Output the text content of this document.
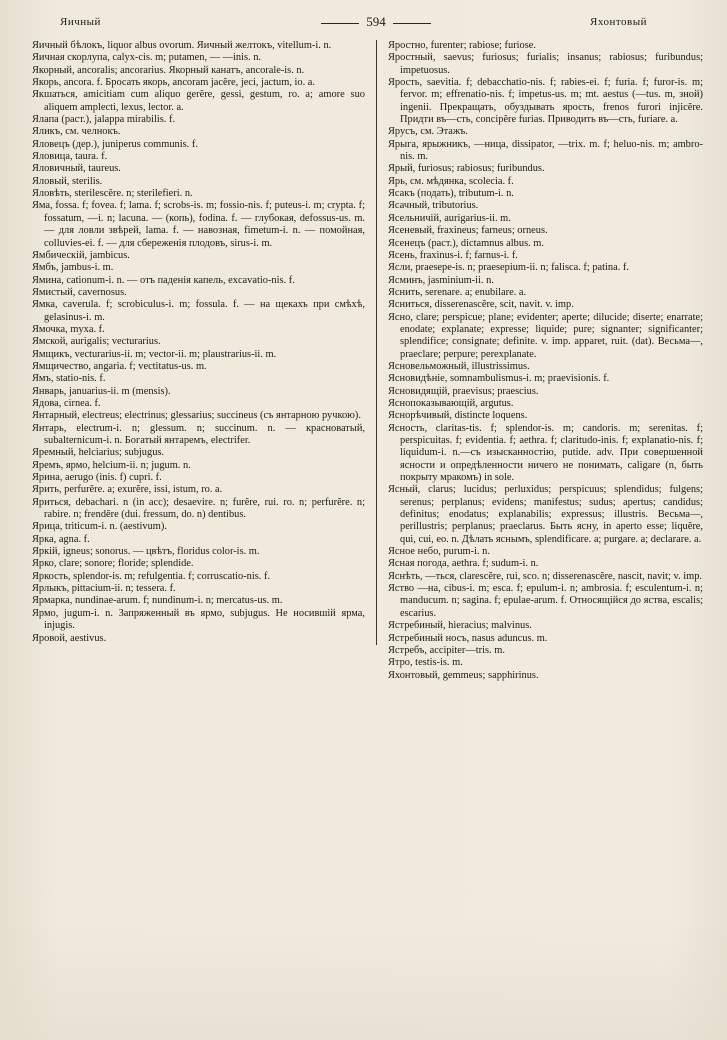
Яичный	594	Яхонтовый

Яичный бѣлокъ, liquor albus ovorum. Яичный желтокъ, vitellum-i. n.

Яичная скорлупа, calyx-cis. m; putamen, — —inis. n.

Якорный, ancoralis; ancorarius. Якорный канатъ, ancorale-is. n.

Якорь, ancora. f. Бросать якорь, ancoram jacĕre, jeci, jactum, io. a.

Якшаться, amicitiam cum aliquo gerĕre, gessi, gestum, ro. a; amore suo aliquem amplecti, lexus, lector. a.

Ялапа (раст.), jalappa mirabilis. f.

Яликъ, см. челнокъ.

Яловецъ (дер.), juniperus communis. f.

Яловица, taura. f.

Яловичный, taureus.

Яловый, sterilis.

Яловѣть, sterilescĕre. n; sterilefieri. n.

Яма, fossa. f; fovea. f; lama. f; scrobs-is. m; fossio-nis. f; puteus-i. m; crypta. f; fossatum, —i. n; lacuna. — (копь), fodina. f. — глубокая, defossus-us. m. — для ловли звѣрей, lama. f. — навозная, fimetum-i. n. — помойная, colluvies-ei. f. — для сбереженія плодовъ, sirus-i. m.

Ямбическій, jambicus.

Ямбъ, jambus-i. m.

Ямина, cationum-i. n. — отъ паденія капель, excavatio-nis. f.

Ямистый, cavernosus.

Ямка, caverula. f; scrobiculus-i. m; fossula. f. — на щекахъ при смѣхѣ, gelasinus-i. m.

Ямочка, myxa. f.

Ямской, aurigalis; vecturarius.

Ямщикъ, vecturarius-ii. m; vector-ii. m; plaustrarius-ii. m.

Ямщичество, angaria. f; vectitatus-us. m.

Ямъ, statio-nis. f.

Январь, januarius-ii. m (mensis).

Ядова, cirnea. f.

Янтарный, electreus; electrinus; glessarius; succineus (съ янтарною ручкою).

Янтарь, electrum-i. n; glessum. n; succinum. n. — красноватый, subalternicum-i. n. Богатый янтаремъ, electrifer.

Яремный, helciarius; subjugus.

Яремъ, ярмо, helcium-ii. n; jugum. n.

Ярина, aerugo (inis. f) cupri. f.

Ярить, perfurĕre. a; exurĕre, issi, istum, ro. a.

Яриться, debachari. n (in acc); desaevire. n; furĕre, rui. ro. n; perfurĕre. n; rabire. n; frendĕre (dui. fressum, do. n) dentibus.

Ярица, triticum-i. n. (aestivum).

Ярка, agna. f.

Яркій, igneus; sonorus. — цвѣтъ, floridus color-is. m.

Ярко, clare; sonore; floride; splendide.

Яркость, splendor-is. m; refulgentia. f; corruscatio-nis. f.

Ярлыкъ, pittacium-ii. n; tessera. f.

Ярмарка, nundinae-arum. f; nundinum-i. n; mercatus-us. m.

Ярмо, jugum-i. n. Запряженный въ ярмо, subjugus. Не носившій ярма, injugis.

Яровой, aestivus.

Яростно, furenter; rabiose; furiose.

Яростный, saevus; furiosus; furialis; insanus; rabiosus; furibundus; impetuosus.

Ярость, saevitia. f; debacchatio-nis. f; rabies-ei. f; furia. f; furor-is. m; fervor. m; effrenatio-nis. f; impetus-us. m; mt. aestus (—tus. m, зной) ingenii. Прекращать, обуздывать ярость, frenos furori injicĕre. Придти въ—сть, concipĕre furias. Приводить въ—сть, furiare. a.

Ярусъ, см. Этажъ.

Ярыга, ярыжникъ, —ница, dissipator, —trix. m. f; heluo-nis. m; ambro-nis. m.

Ярый, furiosus; rabiosus; furibundus.

Ярь, см. мѣдянка, scolecia. f.

Ясакъ (подать), tributum-i. n.

Ясачный, tributorius.

Ясельничій, aurigarius-ii. m.

Ясеневый, fraxineus; farneus; orneus.

Ясенецъ (раст.), dictamnus albus. m.

Ясень, fraxinus-i. f; farnus-i. f.

Ясли, praesepe-is. n; praesepium-ii. n; falisca. f; patina. f.

Ясминъ, jasminium-ii. n.

Яснить, serenare. a; enubilare. a.

Ясниться, disserenascĕre, scit, navit. v. imp.

Ясно, clare; perspicue; plane; evidenter; aperte; dilucide; diserte; enarrate; enodate; explanate; expresse; liquide; pure; signanter; significanter; splendifice; consignate; definite. v. imp. apparet, ruit. (dat). Весьма—, praeclare; perpure; perexplanate.

Ясновельможный, illustrissimus.

Ясновидѣніе, somnambulismus-i. m; praevisionis. f.

Ясновидящій, praevisus; praescius.

Яснопоказывающій, argutus.

Яснорѣчивый, distincte loquens.

Ясность, claritas-tis. f; splendor-is. m; candoris. m; serenitas. f; perspicuitas. f; evidentia. f; aethra. f; claritudo-inis. f; explanatio-nis. f; liquidum-i. n.—съ изысканностію, putide. adv. При совершенной ясности и опредѣленности ничего не понимать, caligare (n, быть покрыту мракомъ) in sole.

Ясный, clarus; lucidus; perluxidus; perspicuus; splendidus; fulgens; serenus; perplanus; evidens; manifestus; sudus; apertus; candidus; definitus; enodatus; explanabilis; expressus; illustris. Весьма—, perillustris; perplanus; praeclarus. Быть ясну, in aperto esse; liquĕre, qui, cui, eo. n. Дѣлать яснымъ, splendificare. a; purgare. a; declarare. a.

Ясное небо, purum-i. n.

Ясная погода, aethra. f; sudum-i. n.

Яснѣть, —ться, clarescĕre, rui, sco. n; disserenascĕre, nascit, navit; v. imp.

Яство —на, cibus-i. m; esca. f; epulum-i. n; ambrosia. f; esculentum-i. n; manducum. n; sagina. f; epulae-arum. f. Относящійся до яства, escalis; escarius.

Ястребиный, hieracius; malvinus.

Ястребиный носъ, nasus aduncus. m.

Ястребъ, accipiter—tris. m.

Ятро, testis-is. m.

Яхонтовый, gemmeus; sapphirinus.
